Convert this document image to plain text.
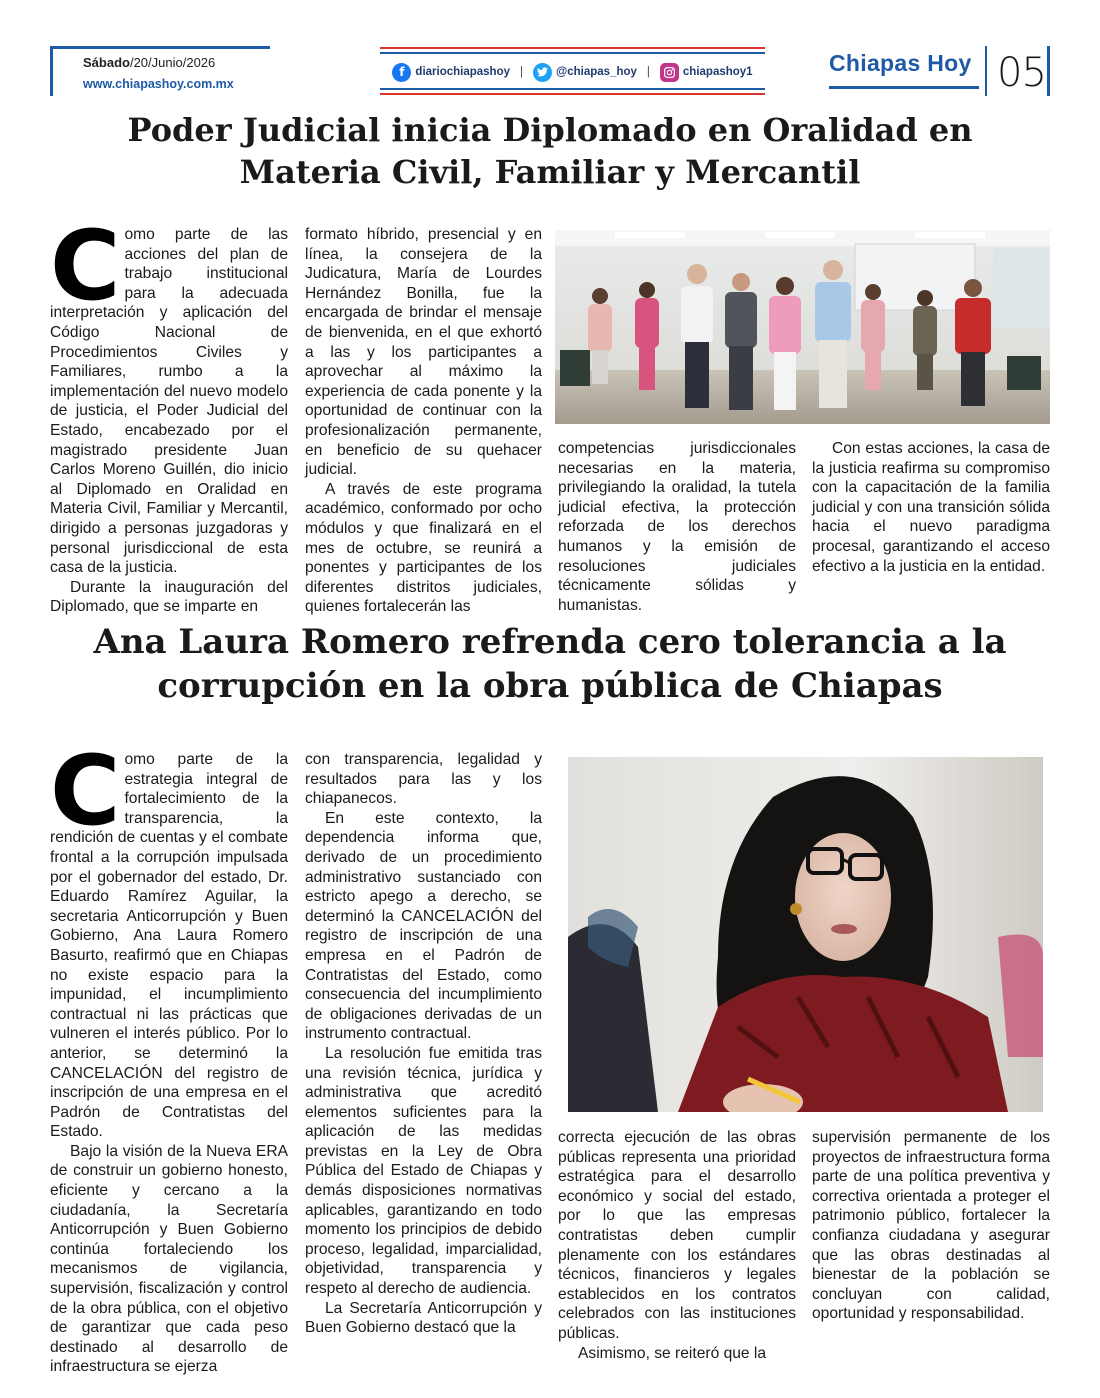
Sábado/20/Junio/2026
www.chiapashoy.com.mx
f diariochiapashoy |	@chiapas_hoy |	chiapashoy1	Chiapas Hoy 05
Poder Judicial inicia Diplomado en Oralidad en
Materia Civil, Familiar y Mercantil

Como parte de las acciones del plan de trabajo institucional para la adecuada interpretación y aplicación del Código Nacional de Procedimientos Civiles y Familiares, rumbo a la implementación del nuevo modelo de justicia, el Poder Judicial del Estado, encabezado por el magistrado presidente Juan Carlos Moreno Guillén, dio inicio al Diplomado en Oralidad en Materia Civil, Familiar y Mercantil, dirigido a personas juzgadoras y personal jurisdiccional de esta casa de la justicia.

Durante la inauguración del Diplomado, que se imparte en

formato híbrido, presencial y en línea, la consejera de la Judicatura, María de Lourdes Hernández Bonilla, fue la encargada de brindar el mensaje de bienvenida, en el que exhortó a las y los participantes a aprovechar al máximo la experiencia de cada ponente y la oportunidad de continuar con la profesionalización permanente, en beneficio de su quehacer judicial.

A través de este programa académico, conformado por ocho módulos y que finalizará en el mes de octubre, se reunirá a ponentes y participantes de los diferentes distritos judiciales, quienes fortalecerán las

competencias jurisdiccionales necesarias en la materia, privilegiando la oralidad, la tutela judicial efectiva, la protección reforzada de los derechos humanos y la emisión de resoluciones judiciales técnicamente sólidas y humanistas.

Con estas acciones, la casa de la justicia reafirma su compromiso con la capacitación de la familia judicial y con una transición sólida hacia el nuevo paradigma procesal, garantizando el acceso efectivo a la justicia en la entidad.

Ana Laura Romero refrenda cero tolerancia a la
corrupción en la obra pública de Chiapas

Como parte de la estrategia integral de fortalecimiento de la transparencia, la rendición de cuentas y el combate frontal a la corrupción impulsada por el gobernador del estado, Dr. Eduardo Ramírez Aguilar, la secretaria Anticorrupción y Buen Gobierno, Ana Laura Romero Basurto, reafirmó que en Chiapas no existe espacio para la impunidad, el incumplimiento contractual ni las prácticas que vulneren el interés público. Por lo anterior, se determinó la CANCELACIÓN del registro de inscripción de una empresa en el Padrón de Contratistas del Estado.

Bajo la visión de la Nueva ERA de construir un gobierno honesto, eficiente y cercano a la ciudadanía, la Secretaría Anticorrupción y Buen Gobierno continúa fortaleciendo los mecanismos de vigilancia, supervisión, fiscalización y control de la obra pública, con el objetivo de garantizar que cada peso destinado al desarrollo de infraestructura se ejerza

con transparencia, legalidad y resultados para las y los chiapanecos.

En este contexto, la dependencia informa que, derivado de un procedimiento administrativo sustanciado con estricto apego a derecho, se determinó la CANCELACIÓN del registro de inscripción de una empresa en el Padrón de Contratistas del Estado, como consecuencia del incumplimiento de obligaciones derivadas de un instrumento contractual.

La resolución fue emitida tras una revisión técnica, jurídica y administrativa que acreditó elementos suficientes para la aplicación de las medidas previstas en la Ley de Obra Pública del Estado de Chiapas y demás disposiciones normativas aplicables, garantizando en todo momento los principios de debido proceso, legalidad, imparcialidad, objetividad, transparencia y respeto al derecho de audiencia.

La Secretaría Anticorrupción y Buen Gobierno destacó que la

correcta ejecución de las obras públicas representa una prioridad estratégica para el desarrollo económico y social del estado, por lo que las empresas contratistas deben cumplir plenamente con los estándares técnicos, financieros y legales establecidos en los contratos celebrados con las instituciones públicas.

Asimismo, se reiteró que la

supervisión permanente de los proyectos de infraestructura forma parte de una política preventiva y correctiva orientada a proteger el patrimonio público, fortalecer la confianza ciudadana y asegurar que las obras destinadas al bienestar de la población se concluyan con calidad, oportunidad y responsabilidad.
